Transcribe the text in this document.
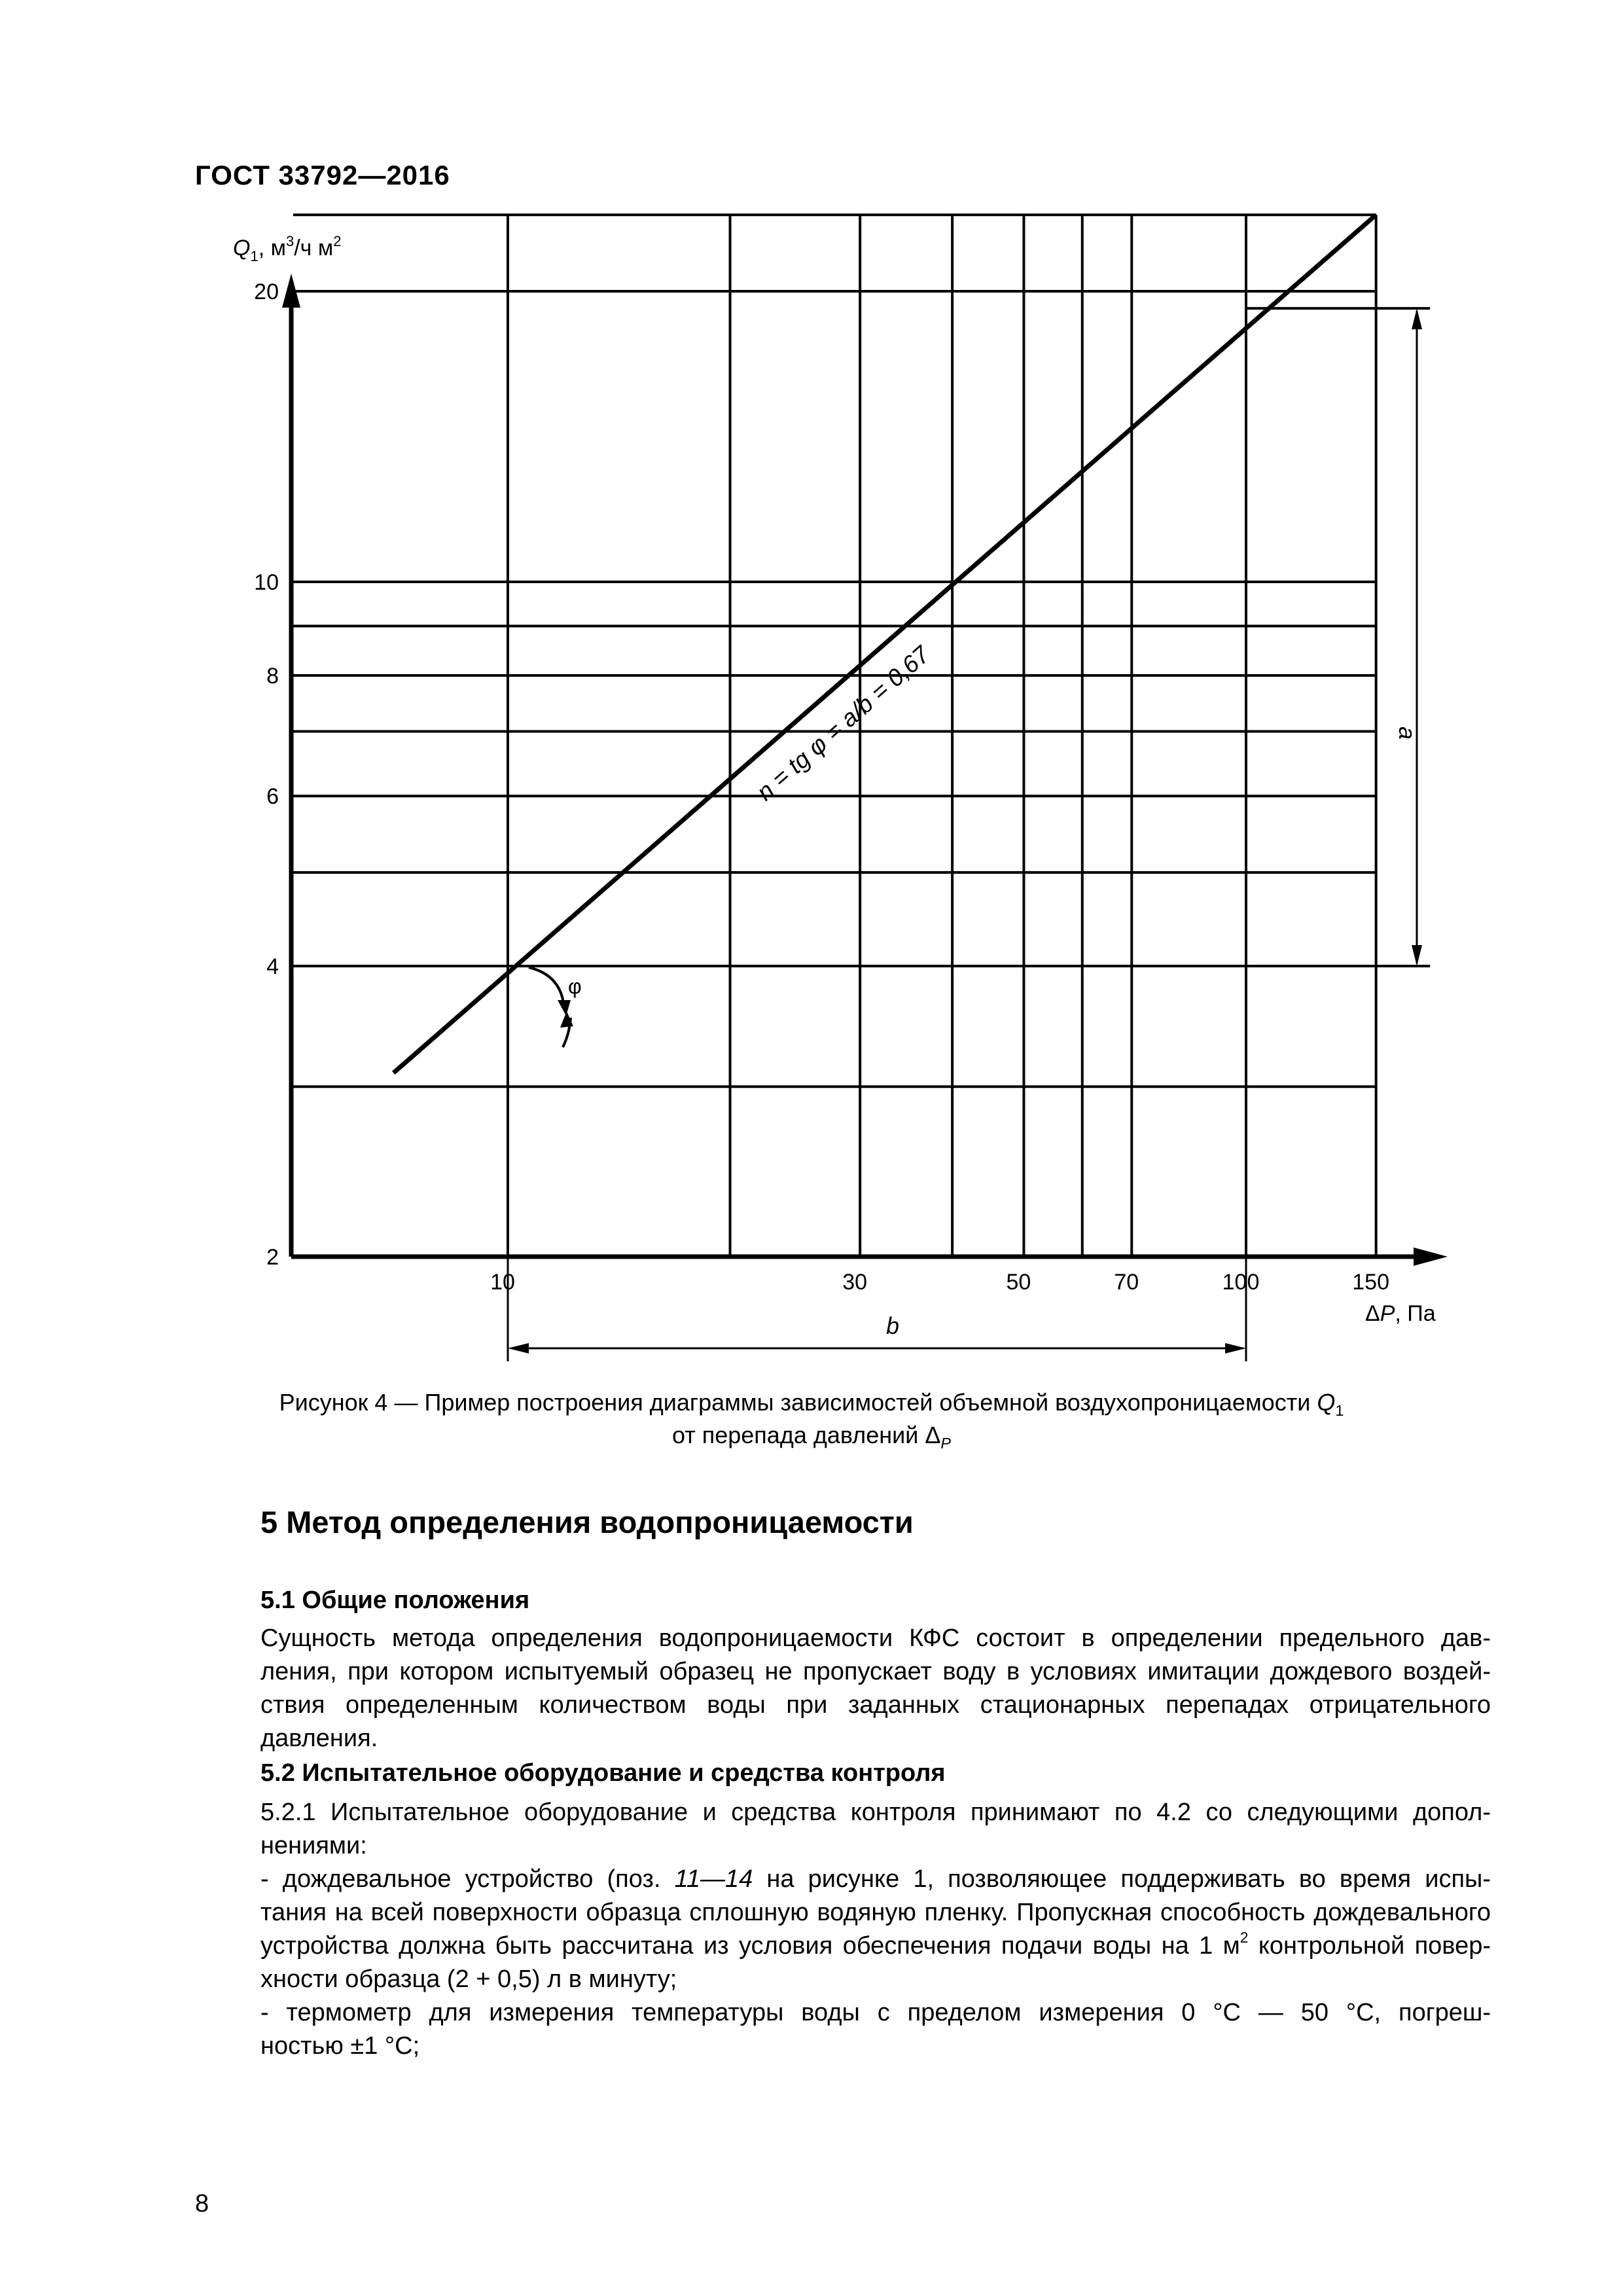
ГОСТ 33792—2016
10	30	50	70	100	150
2
4
6
8
10
20
$Q_1$, $м^3/ч$ $м^2$
ΔP, Па
n = tg φ = a/b = 0,67
φ
a
b
Рисунок 4 — Пример построения диаграммы зависимостей объемной воздухопроницаемости $Q_1$
от перепада давлений $\Delta_P$
5 Метод определения водопроницаемости
5.1 Общие положения
Сущность метода определения водопроницаемости КФС состоит в определении предельного дав-
ления, при котором испытуемый образец не пропускает воду в условиях имитации дождевого воздей-
ствия определенным количеством воды при заданных стационарных перепадах отрицательного
давления.
5.2 Испытательное оборудование и средства контроля
5.2.1 Испытательное оборудование и средства контроля принимают по 4.2 со следующими допол-
нениями:
- дождевальное устройство (поз. 11—14 на рисунке 1, позволяющее поддерживать во время испы-
тания на всей поверхности образца сплошную водяную пленку. Пропускная способность дождевального
устройства должна быть рассчитана из условия обеспечения подачи воды на 1 $м^2$ контрольной повер-
хности образца (2 + 0,5) л в минуту;
- термометр для измерения температуры воды с пределом измерения 0 °С — 50 °С, погреш-
ностью ±1 °С;
8
